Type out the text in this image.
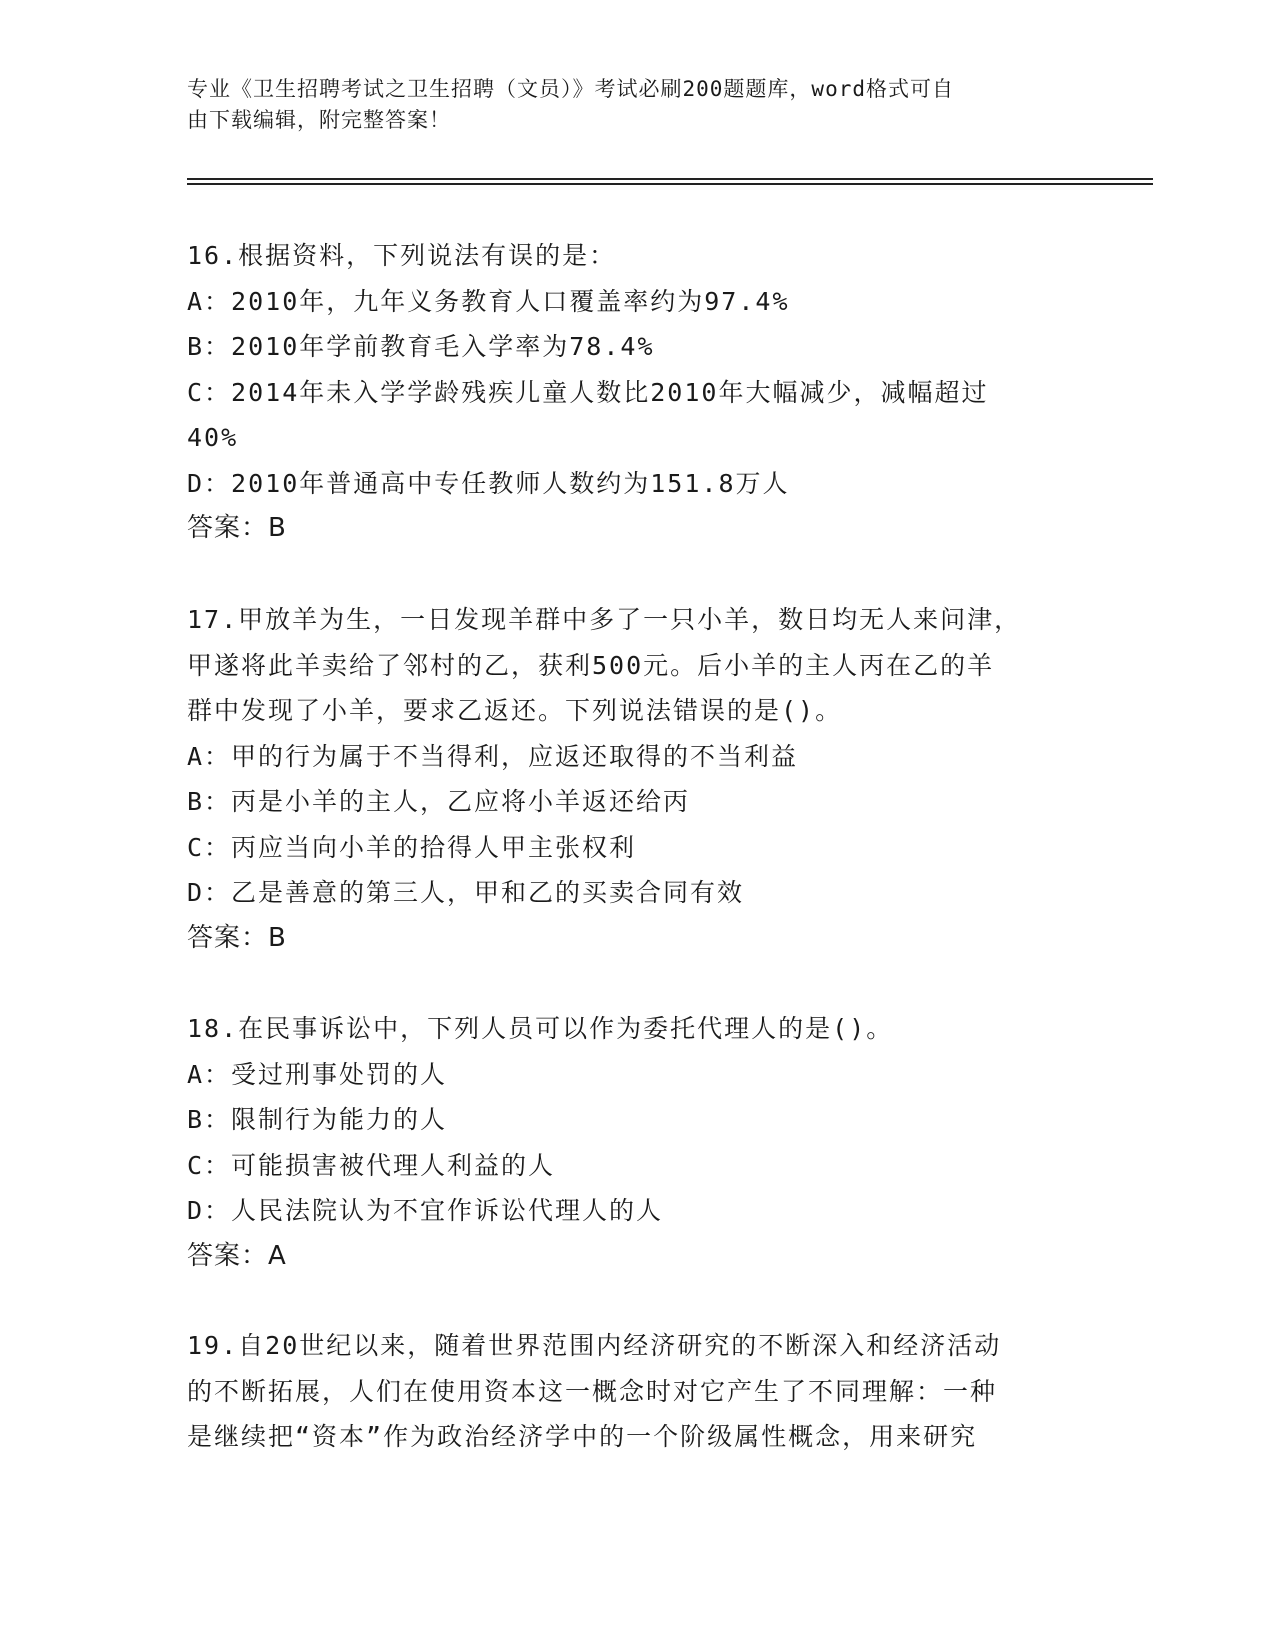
专业《卫生招聘考试之卫生招聘（文员）》考试必刷200题题库，word格式可自
由下载编辑，附完整答案！
16.根据资料，下列说法有误的是：
A：2010年，九年义务教育人口覆盖率约为97.4%
B：2010年学前教育毛入学率为78.4%
C：2014年未入学学龄残疾儿童人数比2010年大幅减少，减幅超过
40%
D：2010年普通高中专任教师人数约为151.8万人
答案：B
17.甲放羊为生，一日发现羊群中多了一只小羊，数日均无人来问津，
甲遂将此羊卖给了邻村的乙，获利500元。后小羊的主人丙在乙的羊
群中发现了小羊，要求乙返还。下列说法错误的是()。
A：甲的行为属于不当得利，应返还取得的不当利益
B：丙是小羊的主人，乙应将小羊返还给丙
C：丙应当向小羊的拾得人甲主张权利
D：乙是善意的第三人，甲和乙的买卖合同有效
答案：B
18.在民事诉讼中，下列人员可以作为委托代理人的是()。
A：受过刑事处罚的人
B：限制行为能力的人
C：可能损害被代理人利益的人
D：人民法院认为不宜作诉讼代理人的人
答案：A
19.自20世纪以来，随着世界范围内经济研究的不断深入和经济活动
的不断拓展，人们在使用资本这一概念时对它产生了不同理解：一种
是继续把“资本”作为政治经济学中的一个阶级属性概念，用来研究
